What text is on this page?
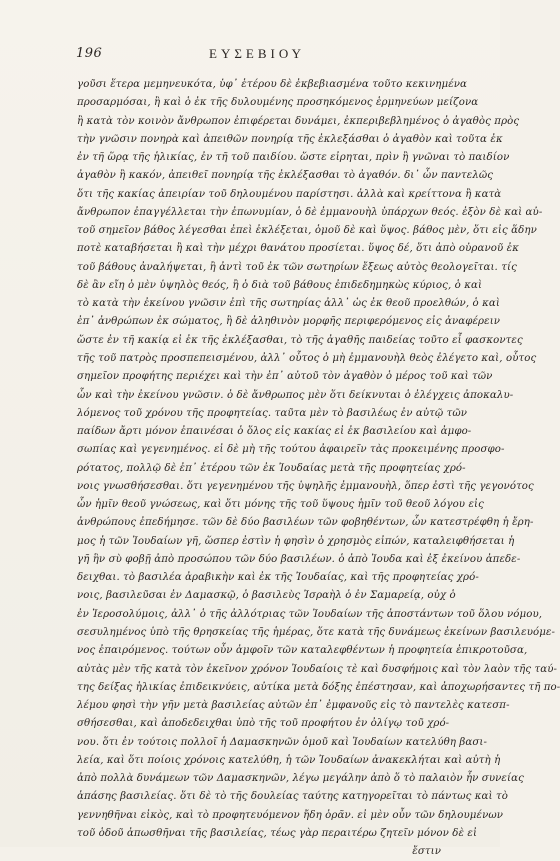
196	ΕΥΣΕΒΙΟΥ
γοῦσι ἕτερα μεμηνευκότα, ὑφ᾽ ἑτέρου δὲ ἐκβεβιασμένα τοῦτο κεκινημένα
προσαρμόσαι, ἢ καὶ ὁ ἐκ τῆς δυλουμένης προσηκόμενος ἑρμηνεύων μείζονα
ἢ κατὰ τὸν κοινὸν ἄνθρωπον ἐπιφέρεται δυνάμει, ἐκπεριβεβλημένος ὁ ἀγαθὸς πρὸς
τὴν γνῶσιν πονηρὰ καὶ ἀπειθῶν πονηρίᾳ τῆς ἐκλεξάσθαι ὁ ἀγαθὸν καὶ τοῦτα ἐκ
ἐν τῆ ὥρᾳ τῆς ἡλικίας, ἐν τῆ τοῦ παιδίου. ὥστε εἰρηται, πρὶν ἢ γνῶναι τὸ παιδίον
ἀγαθὸν ἢ κακόν, ἀπειθεῖ πονηρίᾳ τῆς ἐκλέξασθαι τὸ ἀγαθόν. δι᾽ ὧν παντελῶς
ὅτι τῆς κακίας ἀπειρίαν τοῦ δηλουμένου παρίστησι. ἀλλὰ καὶ κρείττονα ἢ κατὰ
ἄνθρωπον ἐπαγγέλλεται τὴν ἐπωνυμίαν, ὁ δὲ ἐμμανουὴλ ὑπάρχων θεός. ἐξὸν δὲ καὶ αὐ-
τοῦ σημεῖον βάθος λέγεσθαι ἐπεὶ ἐκλέξεται, ὁμοῦ δὲ καὶ ὕψος. βάθος μὲν, ὅτι εἰς ἅδην
ποτὲ καταβήσεται ἢ καὶ τὴν μέχρι θανάτου προσίεται. ὕψος δέ, ὅτι ἀπὸ οὐρανοῦ ἐκ
τοῦ βάθους ἀναλήψεται, ἢ ἀντὶ τοῦ ἐκ τῶν σωτηρίων ἔξεως αὐτὸς θεολογεῖται. τίς
δὲ ἂν εἴη ὁ μὲν ὑψηλὸς θεός, ἢ ὁ διὰ τοῦ βάθους ἐπιδεδημηκὼς κύριος, ὁ καὶ
τὸ κατὰ τὴν ἐκείνου γνῶσιν ἐπὶ τῆς σωτηρίας ἀλλ᾽ ὡς ἐκ θεοῦ προελθών, ὁ καὶ
ἐπ᾽ ἀνθρώπων ἐκ σώματος, ἢ δὲ ἀληθινὸν μορφῆς περιφερόμενος εἰς ἀναφέρειν
ὥστε ἐν τῆ κακίᾳ εἰ ἐκ τῆς ἐκλέξασθαι, τὸ τῆς ἀγαθῆς παιδείας τοῦτο εἶ φασκοντες
τῆς τοῦ πατρὸς προσπεπεισμένου, ἀλλ᾽ οὗτος ὁ μὴ ἐμμανουὴλ θεὸς ἐλέγετο καὶ, οὗτος
σημεῖον προφήτης περιέχει καὶ τὴν ἐπ᾽ αὐτοῦ τὸν ἀγαθὸν ὁ μέρος τοῦ καὶ τῶν
ὧν καὶ τὴν ἐκείνου γνῶσιν. ὁ δὲ ἄνθρωπος μὲν ὅτι δείκνυται ὁ ἐλέγχεις ἀποκαλυ-
λόμενος τοῦ χρόνου τῆς προφητείας. ταῦτα μὲν τὸ βασιλέως ἐν αὐτῷ τῶν
παίδων ἄρτι μόνον ἐπαινέσαι ὁ ὅλος εἰς κακίας εἰ ἐκ βασιλείου καὶ ἀμφο-
σωπίας καὶ γεγενημένος. εἰ δὲ μὴ τῆς τούτου ἀφαιρεῖν τὰς προκειμένης προσφο-
ρότατος, πολλῷ δὲ ἐπ᾽ ἑτέρου τῶν ἐκ Ἰουδαίας μετὰ τῆς προφητείας χρό-
νοις γνωσθήσεσθαι. ὅτι γεγενημένου τῆς ὑψηλῆς ἐμμανουὴλ, ὅπερ ἐστὶ τῆς γεγονότος
ὧν ἡμῖν θεοῦ γνώσεως, καὶ ὅτι μόνης τῆς τοῦ ὕψους ἡμῖν τοῦ θεοῦ λόγου εἰς
ἀνθρώπους ἐπεδήμησε. τῶν δὲ δύο βασιλέων τῶν φοβηθέντων, ὧν κατεστρέφθη ἡ ἔρη-
μος ἡ τῶν Ἰουδαίων γῆ, ὥσπερ ἐστὶν ἡ φησὶν ὁ χρησμὸς εἰπών, καταλειφθήσεται ἡ
γῆ ἣν σὺ φοβῇ ἀπὸ προσώπου τῶν δύο βασιλέων. ὁ ἀπὸ Ἰουδα καὶ ἐξ ἐκείνου ἀπεδε-
δειχθαι. τὸ βασιλέα ἀραβικὴν καὶ ἐκ τῆς Ἰουδαίας, καὶ τῆς προφητείας χρό-
νοις, βασιλεῦσαι ἐν Δαμασκῷ, ὁ βασιλεὺς Ἰσραὴλ ὁ ἐν Σαμαρείᾳ, οὐχ ὁ
ἐν Ἱεροσολύμοις, ἀλλ᾽ ὁ τῆς ἀλλότριας τῶν Ἰουδαίων τῆς ἀποστάντων τοῦ ὅλου νόμου,
σεσυλημένος ὑπὸ τῆς θρησκείας τῆς ἡμέρας, ὅτε κατὰ τῆς δυνάμεως ἐκείνων βασιλευόμε-
νος ἐπαιρόμενος. τούτων οὖν ἀμφοῖν τῶν καταλεφθέντων ἡ προφητεία ἐπικροτοῦσα,
αὐτὰς μὲν τῆς κατὰ τὸν ἐκεῖνον χρόνον Ἰουδαίοις τὲ καὶ δυσφήμοις καὶ τὸν λαὸν τῆς ταύ-
της δείξας ἡλικίας ἐπιδεικνύεις, αὐτίκα μετὰ δόξης ἐπέστησαν, καὶ ἀποχωρήσαντες τῆ πο-
λέμου φησὶ τὴν γῆν μετὰ βασιλείας αὐτῶν ἐπ᾽ ἐμφανοῦς εἰς τὸ παντελὲς κατεσπ-
σθήσεσθαι, καὶ ἀποδεδειχθαι ὑπὸ τῆς τοῦ προφήτου ἐν ὀλίγῳ τοῦ χρό-
νου. ὅτι ἐν τούτοις πολλοῖ ἡ Δαμασκηνῶν ὁμοῦ καὶ Ἰουδαίων κατελύθη βασι-
λεία, καὶ ὅτι ποίοις χρόνοις κατελύθη, ἡ τῶν Ἰουδαίων ἀνακεκλήται καὶ αὐτὴ ἡ
ἀπὸ πολλὰ δυνάμεων τῶν Δαμασκηνῶν, λέγω μεγάλην ἀπὸ ὅ τὸ παλαιὸν ἦν συνείας
ἁπάσης βασιλείας. ὅτι δὲ τὸ τῆς δουλείας ταύτης κατηγορεῖται τὸ πάντως καὶ τὸ
γεννηθῆναι εἰκὸς, καὶ τὸ προφητευόμενον ἤδη ὁρᾶν. εἰ μὲν οὖν τῶν δηλουμένων
τοῦ ὁδοῦ ἀπωσθῆναι τῆς βασιλείας, τέως γὰρ περαιτέρω ζητεῖν μόνον δὲ εἰ
ἔστιν
